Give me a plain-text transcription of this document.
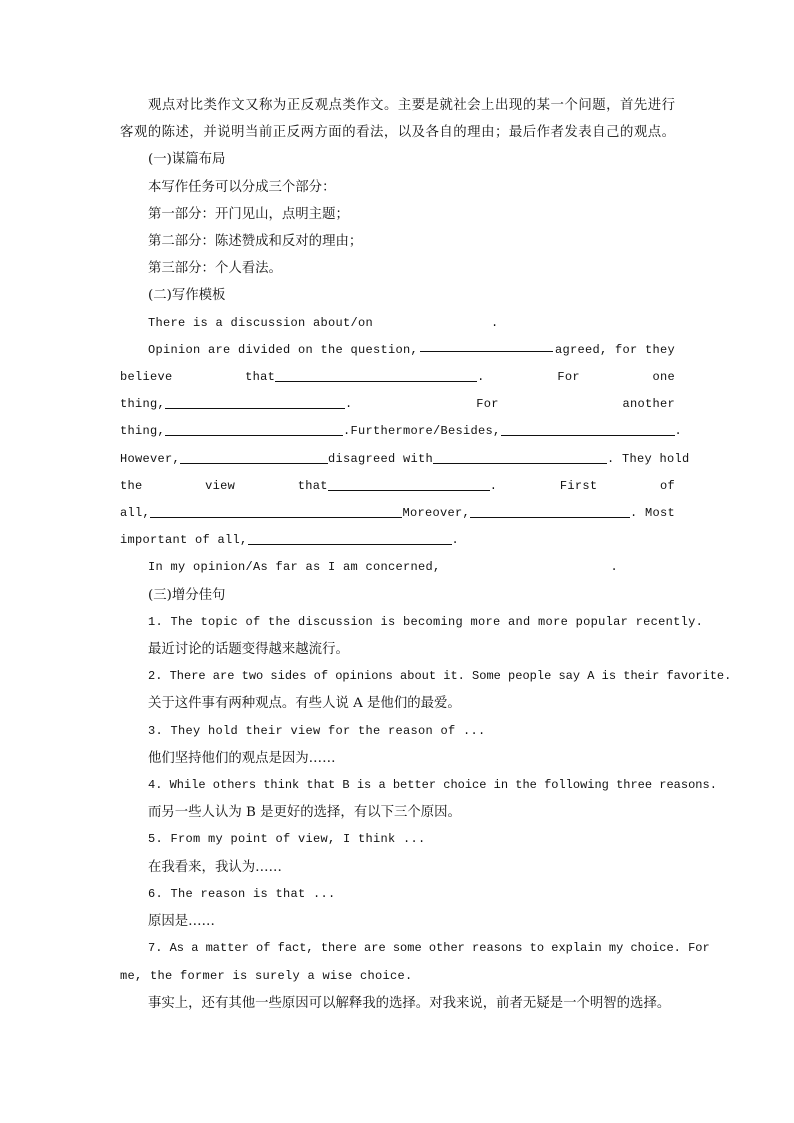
观点对比类作文又称为正反观点类作文。主要是就社会上出现的某一个问题，首先进行

客观的陈述，并说明当前正反两方面的看法，以及各自的理由；最后作者发表自己的观点。

(一)谋篇布局

本写作任务可以分成三个部分：

第一部分：开门见山，点明主题；

第二部分：陈述赞成和反对的理由；

第三部分：个人看法。

(二)写作模板

There is a discussion about/on	.

Opinion are divided on the question,	agreed, for they

believe	that	.	For	one

thing,	.	For	another

thing,	.Furthermore/Besides,	.

However,	disagreed with	. They hold

the	view	that	.	First	of

all,	Moreover,	. Most

important of all,	.

In my opinion/As far as I am concerned,	.

(三)增分佳句

1. The topic of the discussion is becoming more and more popular recently.

最近讨论的话题变得越来越流行。

2. There are two sides of opinions about it. Some people say A is their favorite.

关于这件事有两种观点。有些人说 A 是他们的最爱。

3. They hold their view for the reason of ...

他们坚持他们的观点是因为……

4. While others think that B is a better choice in the following three reasons.

而另一些人认为 B 是更好的选择，有以下三个原因。

5. From my point of view, I think ...

在我看来，我认为……

6. The reason is that ...

原因是……

7. As a matter of fact, there are some other reasons to explain my choice. For

me, the former is surely a wise choice.

事实上，还有其他一些原因可以解释我的选择。对我来说，前者无疑是一个明智的选择。
